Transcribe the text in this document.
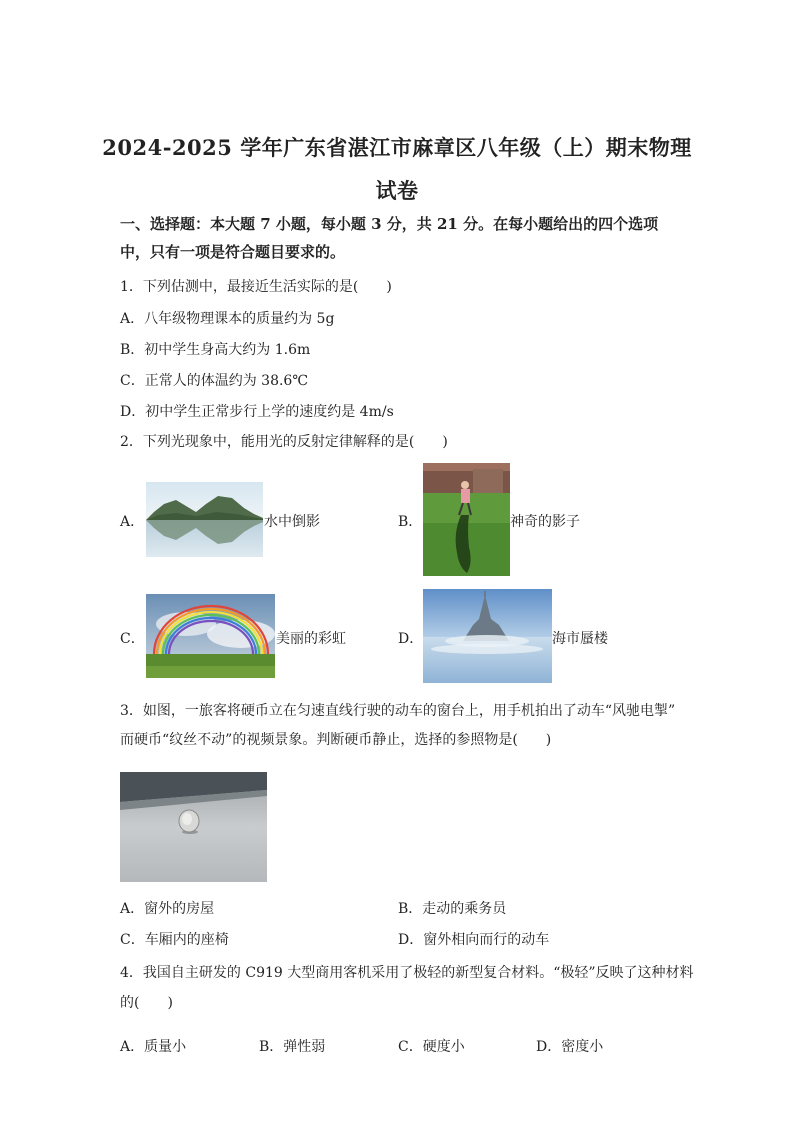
2024-2025 学年广东省湛江市麻章区八年级（上）期末物理
试卷
一、选择题：本大题 7 小题，每小题 3 分，共 21 分。在每小题给出的四个选项
中，只有一项是符合题目要求的。
1．下列估测中，最接近生活实际的是(　　)
A．八年级物理课本的质量约为 5g
B．初中学生身高大约为 1.6m
C．正常人的体温约为 38.6℃
D．初中学生正常步行上学的速度约是 4m/s
2．下列光现象中，能用光的反射定律解释的是(　　)
A．	水中倒影	B．	神奇的影子
C．	美丽的彩虹	D．	海市蜃楼
3．如图，一旅客将硬币立在匀速直线行驶的动车的窗台上，用手机拍出了动车“风驰电掣”
而硬币“纹丝不动”的视频景象。判断硬币静止，选择的参照物是(　　)
A．窗外的房屋	B．走动的乘务员
C．车厢内的座椅	D．窗外相向而行的动车
4．我国自主研发的 C919 大型商用客机采用了极轻的新型复合材料。“极轻”反映了这种材料
的(　　)
A．质量小	B．弹性弱	C．硬度小	D．密度小
